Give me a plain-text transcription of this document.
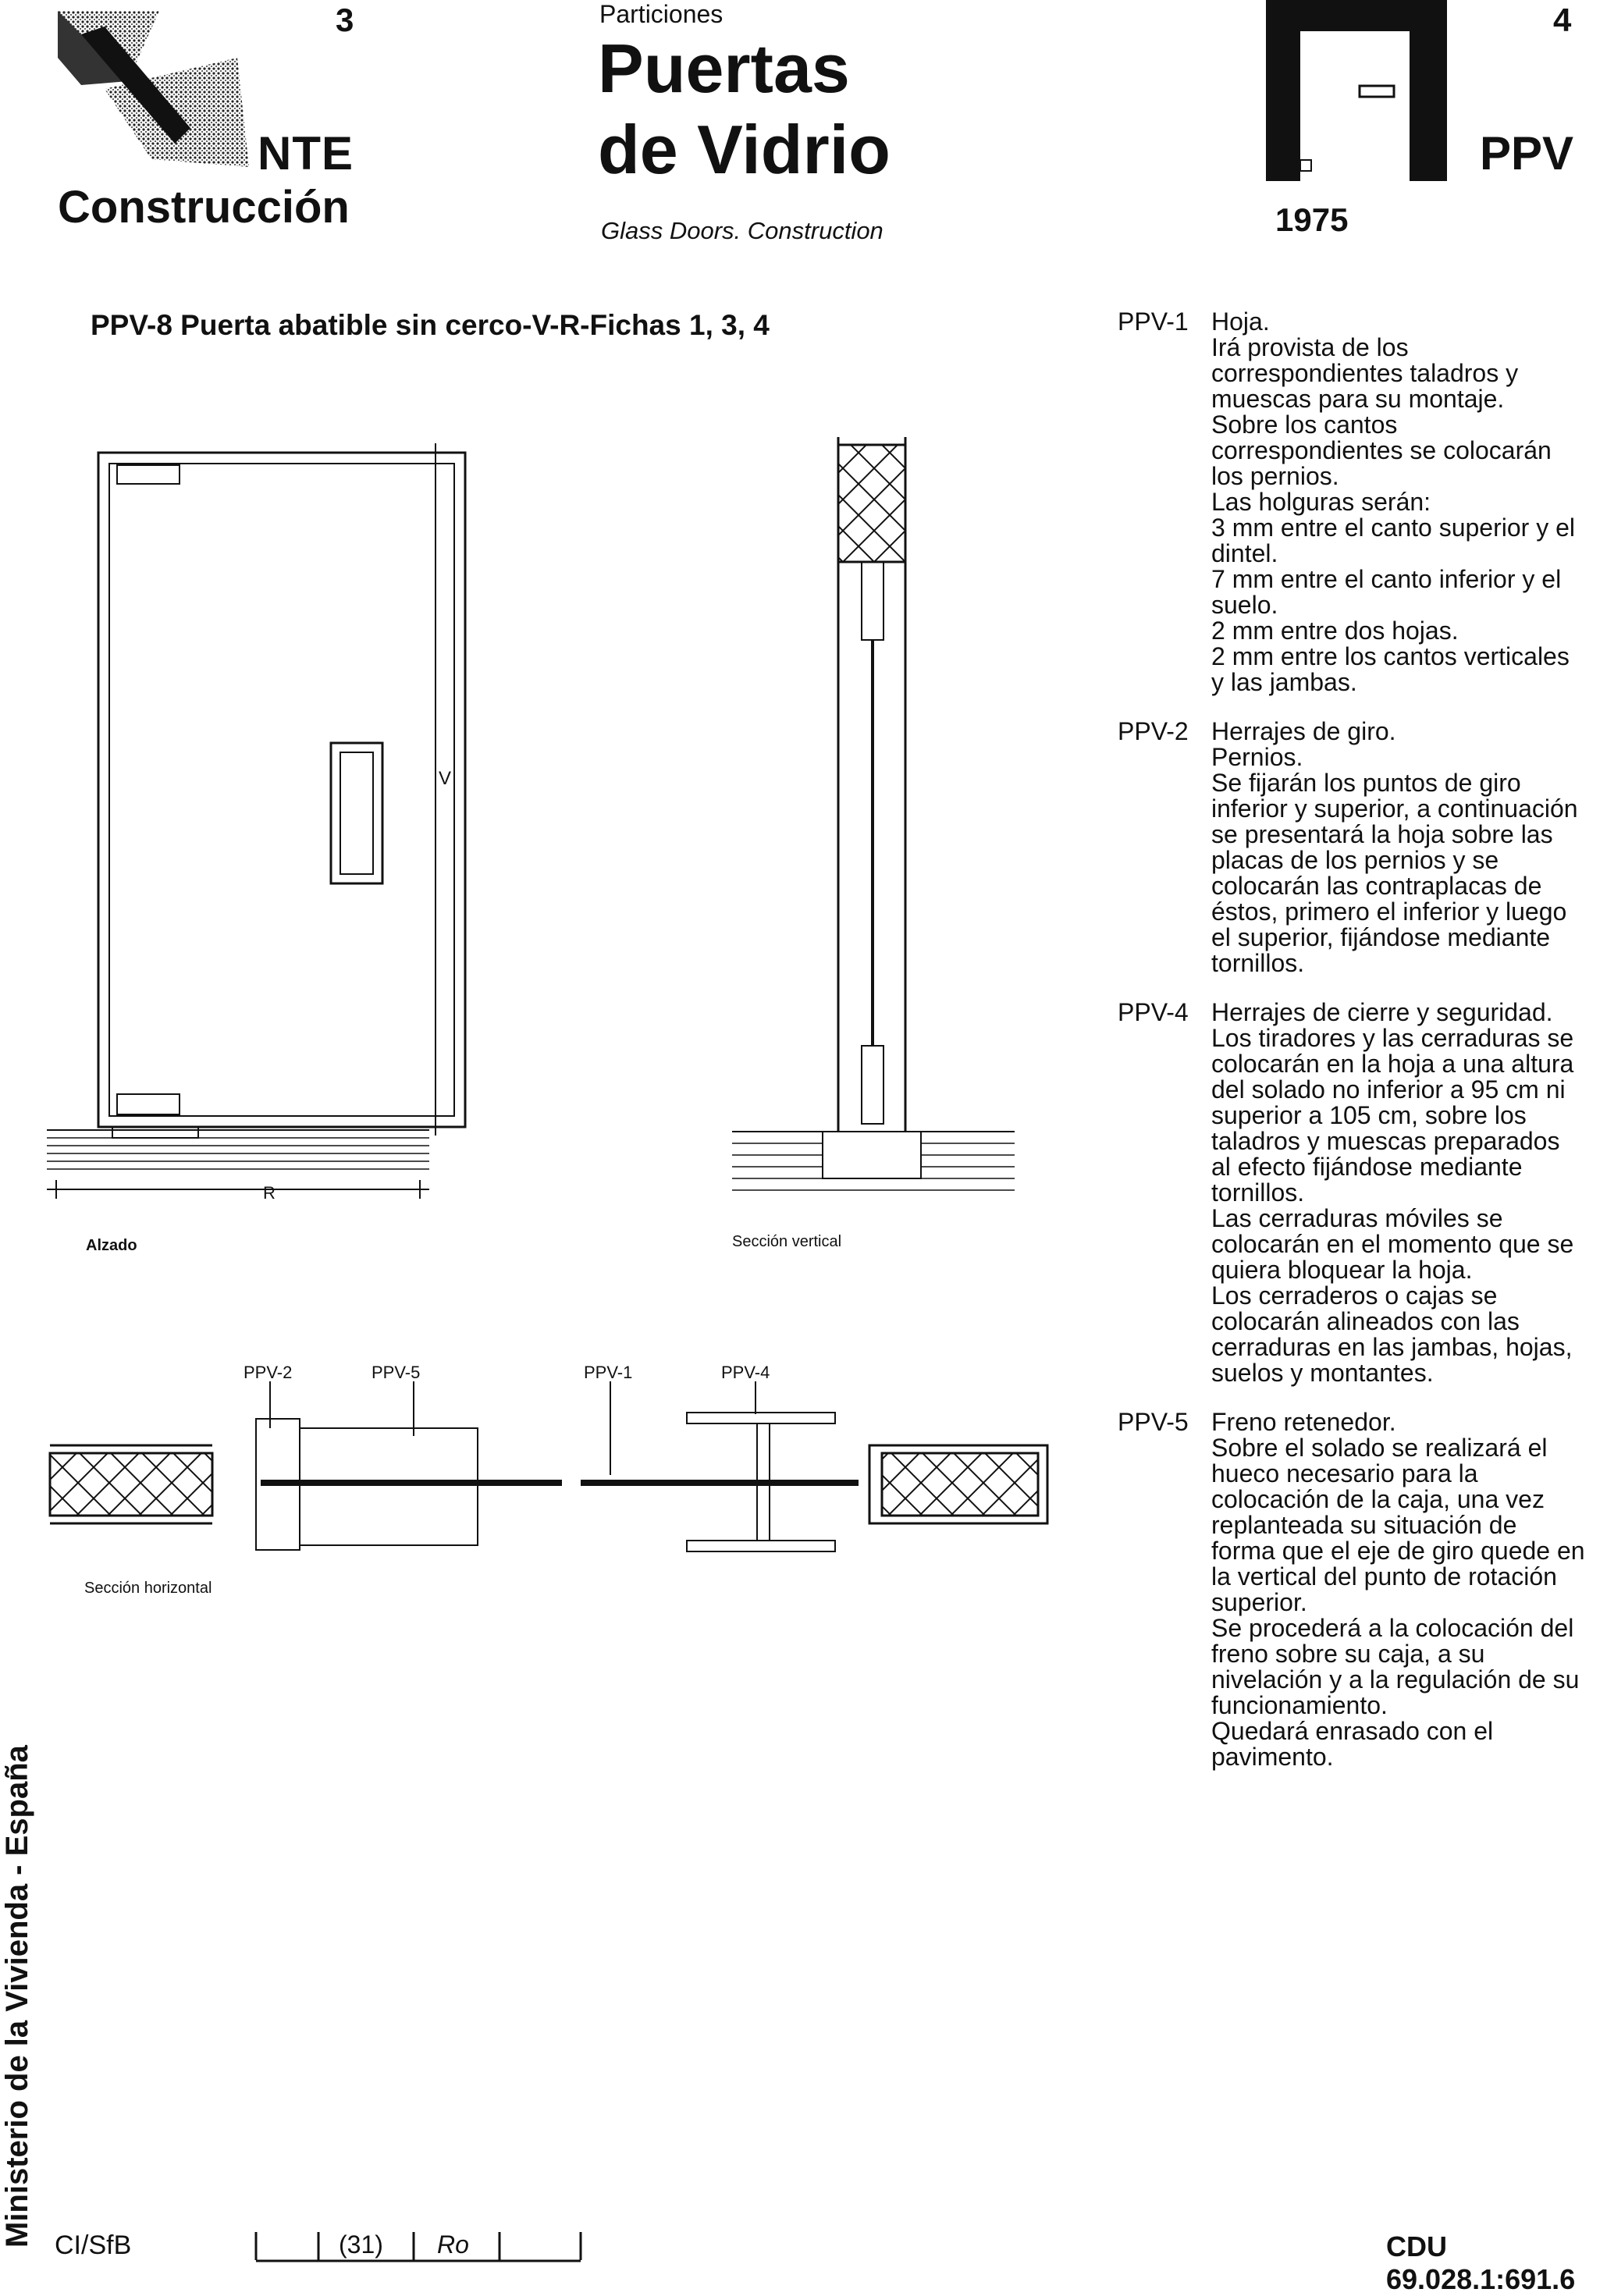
3
NTE
Construcción
Particiones
Puertas
de Vidrio
Glass Doors. Construction
4
PPV
1975
PPV-8 Puerta abatible sin cerco-V-R-Fichas 1, 3, 4
PPV-2	PPV-5	PPV-1	PPV-4
R
V
Alzado	Sección vertical
Sección horizontal
PPV-1 Hoja.
Irá provista de los correspondientes taladros y muescas para su montaje.
Sobre los cantos correspondientes se colocarán los pernios.
Las holguras serán:
3 mm entre el canto superior y el dintel.
7 mm entre el canto inferior y el suelo.
2 mm entre dos hojas.
2 mm entre los cantos verticales y las jambas.
PPV-2 Herrajes de giro.
Pernios.
Se fijarán los puntos de giro inferior y superior, a continuación se presentará la hoja sobre las placas de los pernios y se colocarán las contraplacas de éstos, primero el inferior y luego el superior, fijándose mediante tornillos.
PPV-4 Herrajes de cierre y seguridad.
Los tiradores y las cerraduras se colocarán en la hoja a una altura del solado no inferior a 95 cm ni superior a 105 cm, sobre los taladros y muescas preparados al efecto fijándose mediante tornillos.
Las cerraduras móviles se colocarán en el momento que se quiera bloquear la hoja.
Los cerraderos o cajas se colocarán alineados con las cerraduras en las jambas, hojas, suelos y montantes.
PPV-5 Freno retenedor.
Sobre el solado se realizará el hueco necesario para la colocación de la caja, una vez replanteada su situación de forma que el eje de giro quede en la vertical del punto de rotación superior.
Se procederá a la colocación del freno sobre su caja, a su nivelación y a la regulación de su funcionamiento.
Quedará enrasado con el pavimento.
Ministerio de la Vivienda - España CI/SfB	(31) Ro	CDU 69.028.1:691.6
